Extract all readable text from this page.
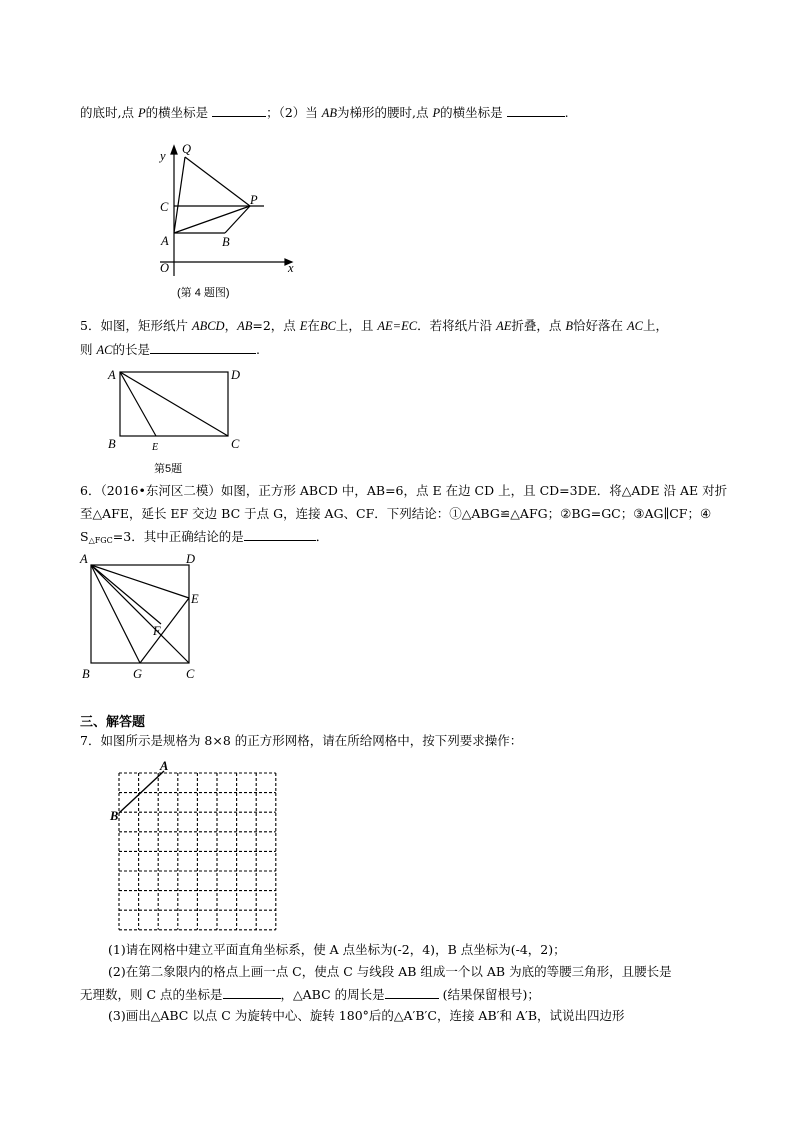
的底时,点 P的横坐标是	；（2）当 AB为梯形的腰时,点 P的横坐标是	.
y Q
C	P
A	B
O	x
(第 4 题图)
5．如图，矩形纸片 ABCD，AB=2，点 E在BC上，且 AE=EC．若将纸片沿 AE折叠，点 B恰好落在 AC上，
则 AC的长是	.
A	D
B	E	C
第5题
6．（2016•东河区二模）如图，正方形 ABCD 中，AB=6，点 E 在边 CD 上，且 CD=3DE．将△ADE 沿 AE 对折
至△AFE，延长 EF 交边 BC 于点 G，连接 AG、CF．下列结论：①△ABG≌△AFG；②BG=GC；③AG∥CF；④
$S_{\triangle FGC}=3$．其中正确结论的是	．
A	D
E
F
B	G	C
三、解答题
7．如图所示是规格为 8×8 的正方形网格，请在所给网格中，按下列要求操作：
A
B
(1)请在网格中建立平面直角坐标系，使 A 点坐标为(-2，4)，B 点坐标为(-4，2)；
(2)在第二象限内的格点上画一点 C，使点 C 与线段 AB 组成一个以 AB 为底的等腰三角形，且腰长是
无理数，则 C 点的坐标是	，△ABC 的周长是	(结果保留根号)；
(3)画出△ABC 以点 C 为旋转中心、旋转 180°后的△A′B′C，连接 AB′和 A′B，试说出四边形
